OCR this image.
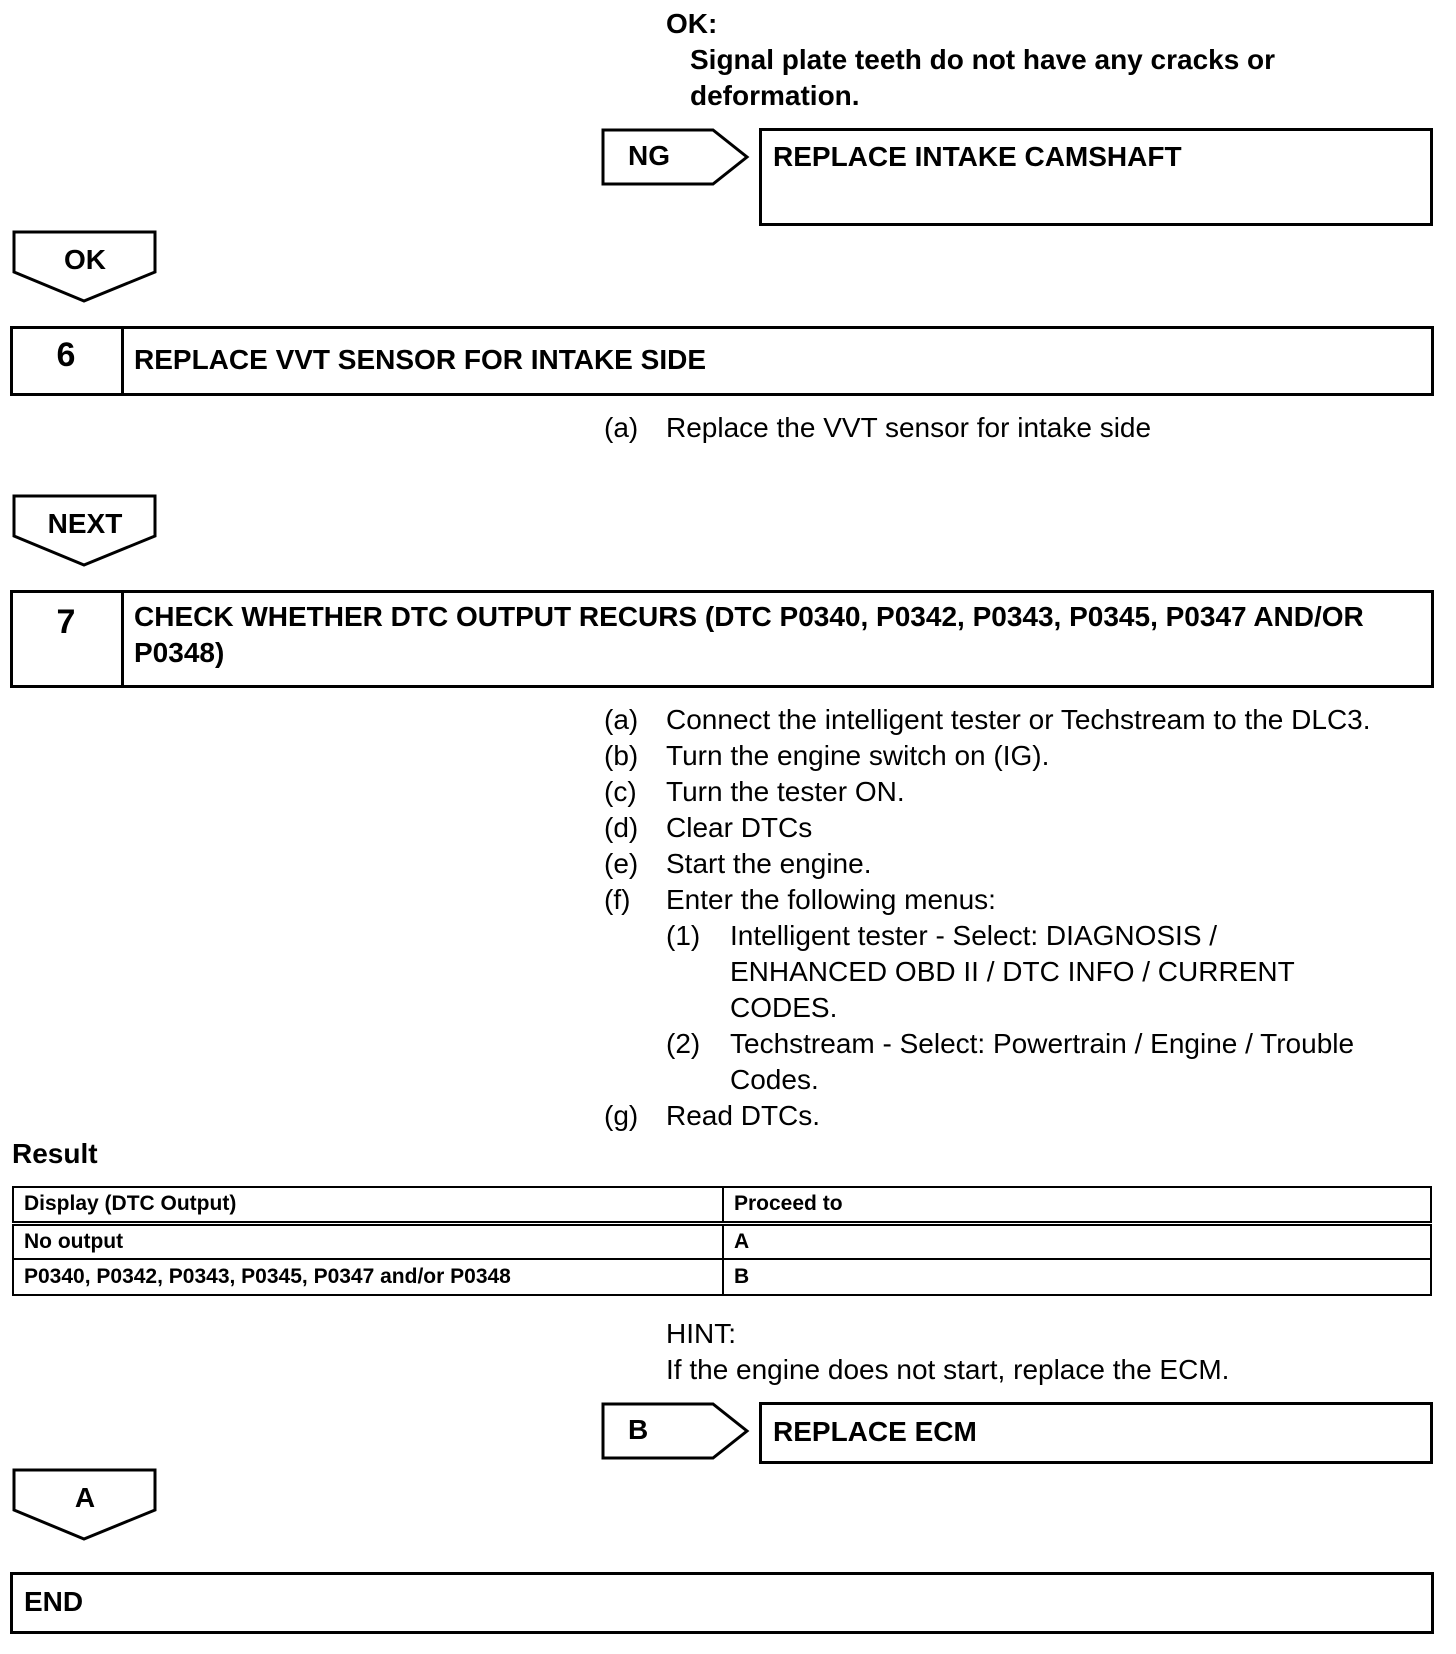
OK:
Signal plate teeth do not have any cracks or deformation.
NG	REPLACE INTAKE CAMSHAFT
OK
6	REPLACE VVT SENSOR FOR INTAKE SIDE
(a) Replace the VVT sensor for intake side
NEXT
7	CHECK WHETHER DTC OUTPUT RECURS (DTC P0340, P0342, P0343, P0345, P0347 AND/OR P0348)
(a) Connect the intelligent tester or Techstream to the DLC3.
(b) Turn the engine switch on (IG).
(c) Turn the tester ON.
(d) Clear DTCs
(e) Start the engine.
(f) Enter the following menus:
(1) Intelligent tester - Select: DIAGNOSIS / ENHANCED OBD II / DTC INFO / CURRENT CODES.
(2) Techstream - Select: Powertrain / Engine / Trouble Codes.
(g) Read DTCs.
Result
Display (DTC Output)	Proceed to
No output	A
P0340, P0342, P0343, P0345, P0347 and/or P0348	B
HINT:
If the engine does not start, replace the ECM.
B	REPLACE ECM
A
END
